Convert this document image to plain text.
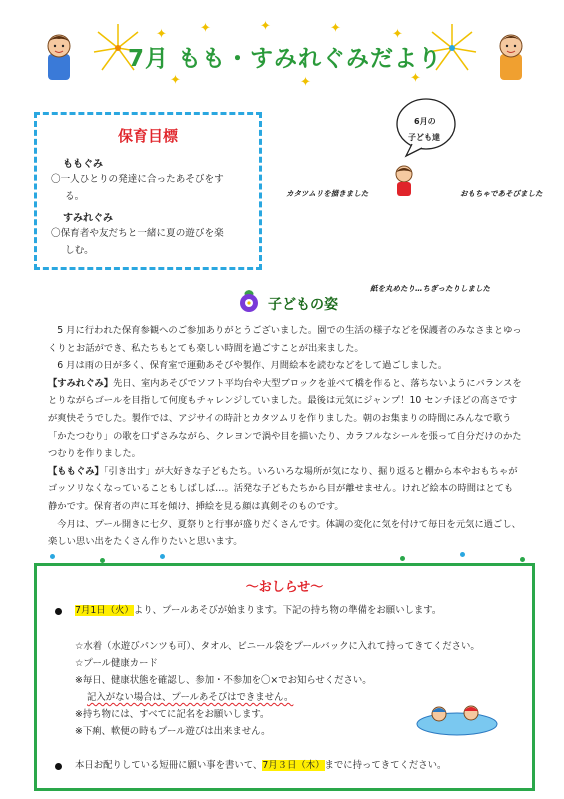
7月 もも・すみれぐみだより
✦	✦	✦	✦	✦
✦	✦	✦
保育目標
ももぐみ
〇一人ひとりの発達に合ったあそびをす
る。
すみれぐみ
〇保育者や友だちと一緒に夏の遊びを楽
しむ。
6月の
子ども達
カタツムリを描きました	おもちゃであそびました
紙を丸めたり…ちぎったりしました
子どもの姿

5 月に行われた保育参観へのご参加ありがとうございました。園での生活の様子などを保護者のみなさまとゆっくりとお話ができ、私たちもとても楽しい時間を過ごすことが出来ました。

6 月は雨の日が多く、保育室で運動あそびや製作、月間絵本を読むなどをして過ごしました。

【すみれぐみ】先日、室内あそびでソフト平均台や大型ブロックを並べて橋を作ると、落ちないようにバランスをとりながらゴールを目指して何度もチャレンジしていました。最後は元気にジャンプ！10 センチほどの高さですが爽快そうでした。製作では、アジサイの時計とカタツムリを作りました。朝のお集まりの時間にみんなで歌う「かたつむり」の歌を口ずさみながら、クレヨンで渦や目を描いたり、カラフルなシールを張って自分だけのかたつむりを作りました。

【ももぐみ】「引き出す」が大好きな子どもたち。いろいろな場所が気になり、掘り返ると棚から本やおもちゃがゴッソリなくなっていることもしばしば…。活発な子どもたちから目が離せません。けれど絵本の時間はとても静かです。保育者の声に耳を傾け、挿絵を見る顔は真剣そのものです。

今月は、プール開きに七夕、夏祭りと行事が盛りだくさんです。体調の変化に気を付けて毎日を元気に過ごし、楽しい思い出をたくさん作りたいと思います。

～おしらせ～
7月1日（火）より、プールあそびが始まります。下記の持ち物の準備をお願いします。
☆水着（水遊びパンツも可）、タオル、ビニール袋をプールバックに入れて持ってきてください。
☆プール健康カード
※毎日、健康状態を確認し、参加・不参加を〇×でお知らせください。
記入がない場合は、プールあそびはできません。
※持ち物には、すべてに記名をお願いします。
※下痢、軟便の時もプール遊びは出来ません。
本日お配りしている短冊に願い事を書いて、7月３日（木）までに持ってきてください。
